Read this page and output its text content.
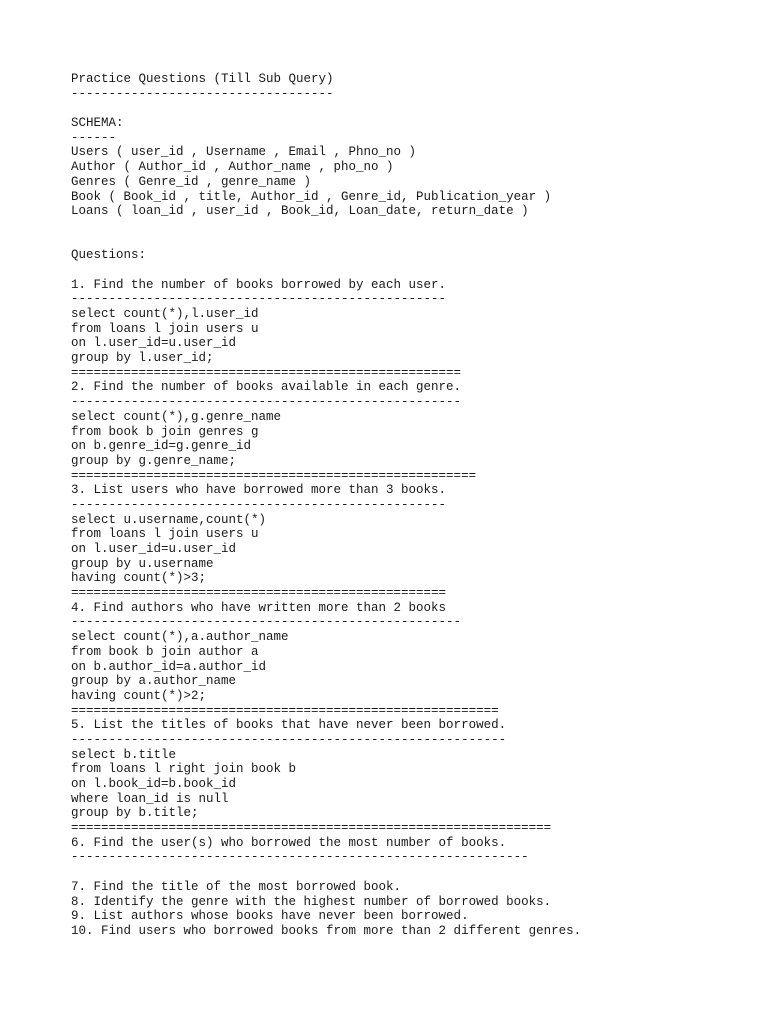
Practice Questions (Till Sub Query)
-----------------------------------
SCHEMA:
------
Users ( user_id , Username , Email , Phno_no )
Author ( Author_id , Author_name , pho_no )
Genres ( Genre_id , genre_name )
Book ( Book_id , title, Author_id , Genre_id, Publication_year )
Loans ( loan_id , user_id , Book_id, Loan_date, return_date )
Questions:
1. Find the number of books borrowed by each user.
--------------------------------------------------
select count(*),l.user_id
from loans l join users u
on l.user_id=u.user_id
group by l.user_id;
====================================================
2. Find the number of books available in each genre.
----------------------------------------------------
select count(*),g.genre_name
from book b join genres g
on b.genre_id=g.genre_id
group by g.genre_name;
======================================================
3. List users who have borrowed more than 3 books.
--------------------------------------------------
select u.username,count(*)
from loans l join users u
on l.user_id=u.user_id
group by u.username
having count(*)>3;
==================================================
4. Find authors who have written more than 2 books
----------------------------------------------------
select count(*),a.author_name
from book b join author a
on b.author_id=a.author_id
group by a.author_name
having count(*)>2;
=========================================================
5. List the titles of books that have never been borrowed.
----------------------------------------------------------
select b.title
from loans l right join book b
on l.book_id=b.book_id
where loan_id is null
group by b.title;
================================================================
6. Find the user(s) who borrowed the most number of books.
-------------------------------------------------------------
7. Find the title of the most borrowed book.
8. Identify the genre with the highest number of borrowed books.
9. List authors whose books have never been borrowed.
10. Find users who borrowed books from more than 2 different genres.
